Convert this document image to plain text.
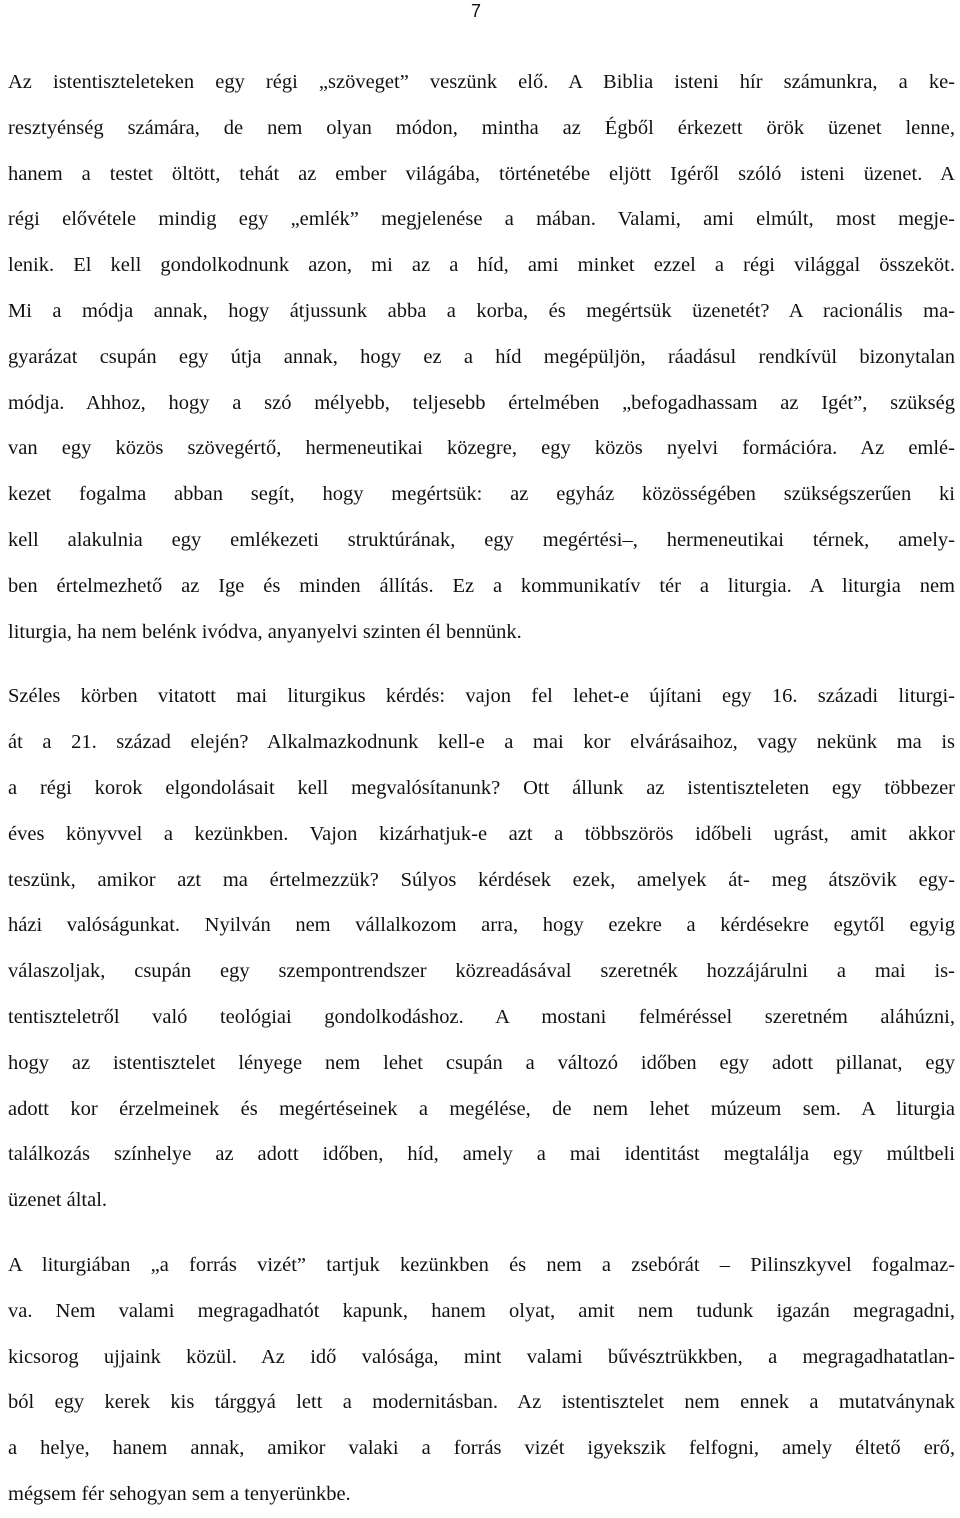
7
Az istentiszteleteken egy régi „szöveget” veszünk elő. A Biblia isteni hír számunkra, a ke-
resztyénség számára, de nem olyan módon, mintha az Égből érkezett örök üzenet lenne,
hanem a testet öltött, tehát az ember világába, történetébe eljött Igéről szóló isteni üzenet. A
régi elővétele mindig egy „emlék” megjelenése a mában. Valami, ami elmúlt, most megje-
lenik. El kell gondolkodnunk azon, mi az a híd, ami minket ezzel a régi világgal összeköt.
Mi a módja annak, hogy átjussunk abba a korba, és megértsük üzenetét? A racionális ma-
gyarázat csupán egy útja annak, hogy ez a híd megépüljön, ráadásul rendkívül bizonytalan
módja. Ahhoz, hogy a szó mélyebb, teljesebb értelmében „befogadhassam az Igét”, szükség
van egy közös szövegértő, hermeneutikai közegre, egy közös nyelvi formációra. Az emlé-
kezet fogalma abban segít, hogy megértsük: az egyház közösségében szükségszerűen ki
kell alakulnia egy emlékezeti struktúrának, egy megértési–, hermeneutikai térnek, amely-
ben értelmezhető az Ige és minden állítás. Ez a kommunikatív tér a liturgia. A liturgia nem
liturgia, ha nem belénk ivódva, anyanyelvi szinten él bennünk.
Széles körben vitatott mai liturgikus kérdés: vajon fel lehet-e újítani egy 16. századi liturgi-
át a 21. század elején? Alkalmazkodnunk kell-e a mai kor elvárásaihoz, vagy nekünk ma is
a régi korok elgondolásait kell megvalósítanunk? Ott állunk az istentiszteleten egy többezer
éves könyvvel a kezünkben. Vajon kizárhatjuk-e azt a többszörös időbeli ugrást, amit akkor
teszünk, amikor azt ma értelmezzük? Súlyos kérdések ezek, amelyek át- meg átszövik egy-
házi valóságunkat. Nyilván nem vállalkozom arra, hogy ezekre a kérdésekre egytől egyig
válaszoljak, csupán egy szempontrendszer közreadásával szeretnék hozzájárulni a mai is-
tentiszteletről való teológiai gondolkodáshoz. A mostani felméréssel szeretném aláhúzni,
hogy az istentisztelet lényege nem lehet csupán a változó időben egy adott pillanat, egy
adott kor érzelmeinek és megértéseinek a megélése, de nem lehet múzeum sem. A liturgia
találkozás színhelye az adott időben, híd, amely a mai identitást megtalálja egy múltbeli
üzenet által.
A liturgiában „a forrás vizét” tartjuk kezünkben és nem a zsebórát – Pilinszkyvel fogalmaz-
va. Nem valami megragadhatót kapunk, hanem olyat, amit nem tudunk igazán megragadni,
kicsorog ujjaink közül. Az idő valósága, mint valami bűvésztrükkben, a megragadhatatlan-
ból egy kerek kis tárggyá lett a modernitásban. Az istentisztelet nem ennek a mutatványnak
a helye, hanem annak, amikor valaki a forrás vizét igyekszik felfogni, amely éltető erő,
mégsem fér sehogyan sem a tenyerünkbe.
